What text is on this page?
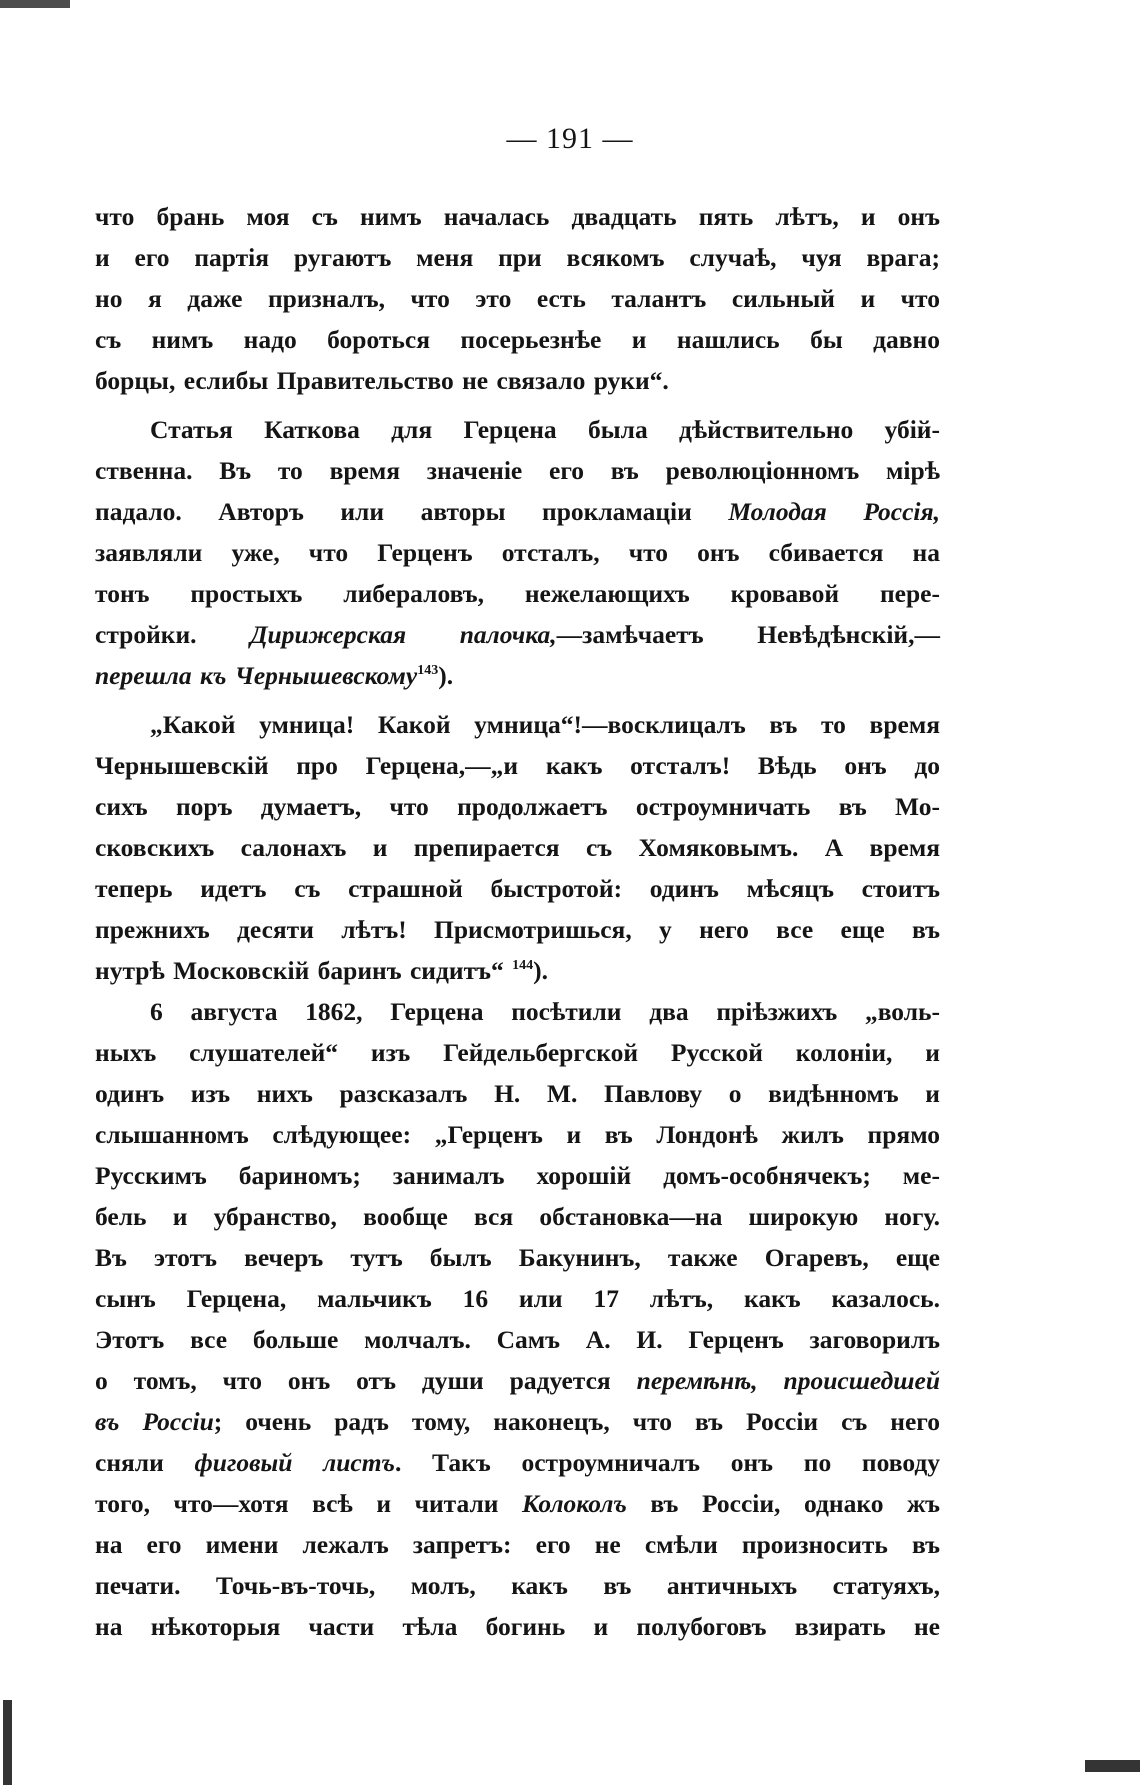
— 191 —
что брань моя съ нимъ началась двадцать пять лѣтъ, и онъ
и его партія ругаютъ меня при всякомъ случаѣ, чуя врага;
но я даже призналъ, что это есть талантъ сильный и что
съ нимъ надо бороться посерьезнѣе и нашлись бы давно
борцы, еслибы Правительство не связало руки“.
Статья Каткова для Герцена была дѣйствительно убій-
ственна. Въ то время значеніе его въ революціонномъ мірѣ
падало. Авторъ или авторы прокламаціи Молодая Россія,
заявляли уже, что Герценъ отсталъ, что онъ сбивается на
тонъ простыхъ либераловъ, нежелающихъ кровавой пере-
стройки. Дирижерская палочка,—замѣчаетъ Невѣдѣнскій,—
перешла къ Чернышевскому$^{143}$).
„Какой умница! Какой умница“!—восклицалъ въ то время
Чернышевскій про Герцена,—„и какъ отсталъ! Вѣдь онъ до
сихъ поръ думаетъ, что продолжаетъ остроумничать въ Мо-
сковскихъ салонахъ и препирается съ Хомяковымъ. А время
теперь идетъ съ страшной быстротой: одинъ мѣсяцъ стоитъ
прежнихъ десяти лѣтъ! Присмотришься, у него все еще въ
нутрѣ Московскій баринъ сидитъ“ $^{144}$).
6 августа 1862, Герцена посѣтили два пріѣзжихъ „воль-
ныхъ слушателей“ изъ Гейдельбергской Русской колоніи, и
одинъ изъ нихъ разсказалъ Н. М. Павлову о видѣнномъ и
слышанномъ слѣдующее: „Герценъ и въ Лондонѣ жилъ прямо
Русскимъ бариномъ; занималъ хорошій домъ-особнячекъ; ме-
бель и убранство, вообще вся обстановка—на широкую ногу.
Въ этотъ вечеръ тутъ былъ Бакунинъ, также Огаревъ, еще
сынъ Герцена, мальчикъ 16 или 17 лѣтъ, какъ казалось.
Этотъ все больше молчалъ. Самъ А. И. Герценъ заговорилъ
о томъ, что онъ отъ души радуется перемѣнѣ, происшедшей
въ Россіи; очень радъ тому, наконецъ, что въ Россіи съ него
сняли фиговый листъ. Такъ остроумничалъ онъ по поводу
того, что—хотя всѣ и читали Колоколъ въ Россіи, однако жъ
на его имени лежалъ запретъ: его не смѣли произносить въ
печати. Точь-въ-точь, молъ, какъ въ античныхъ статуяхъ,
на нѣкоторыя части тѣла богинь и полубоговъ взирать не
